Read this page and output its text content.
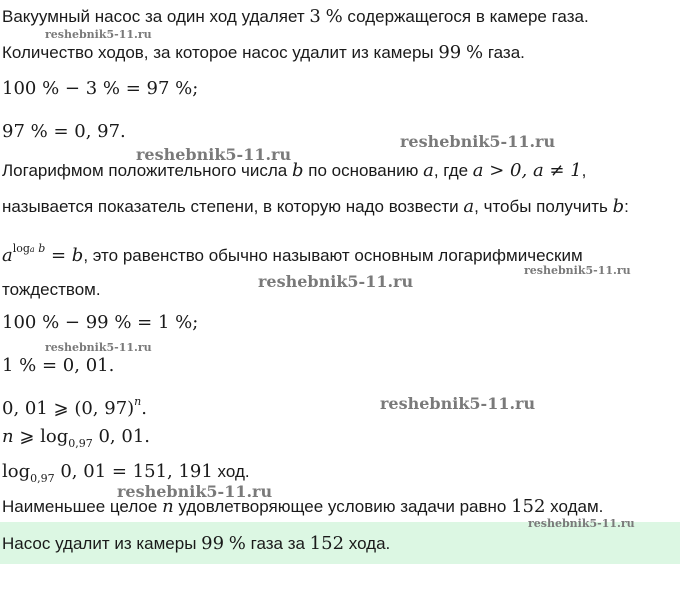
Вакуумный насос за один ход удаляет 3 % содержащегося в камере газа.
Количество ходов, за которое насос удалит из камеры 99 % газа.
100 % − 3 % = 97 %;
97 % = 0, 97.
Логарифмом положительного числа b по основанию a, где a > 0, a ≠ 1,
называется показатель степени, в которую надо возвести a, чтобы получить b:
$a^{loga b} = b$, это равенство обычно называют основным логарифмическим
тождеством.
100 % − 99 % = 1 %;
1 % = 0, 01.
0, 01 ⩾ (0, 97)$^n$.
n ⩾ $\log_{0,97} 0$, 01.
$\log_{0,97} 0$, 01 = 151, 191 ход.
Наименьшее целое n удовлетворяющее условию задачи равно 152 ходам.
Насос удалит из камеры 99 % газа за 152 хода.
reshebnik5-11.ru
reshebnik5-11.ru
reshebnik5-11.ru
reshebnik5-11.ru
reshebnik5-11.ru
reshebnik5-11.ru
reshebnik5-11.ru
reshebnik5-11.ru
reshebnik5-11.ru
